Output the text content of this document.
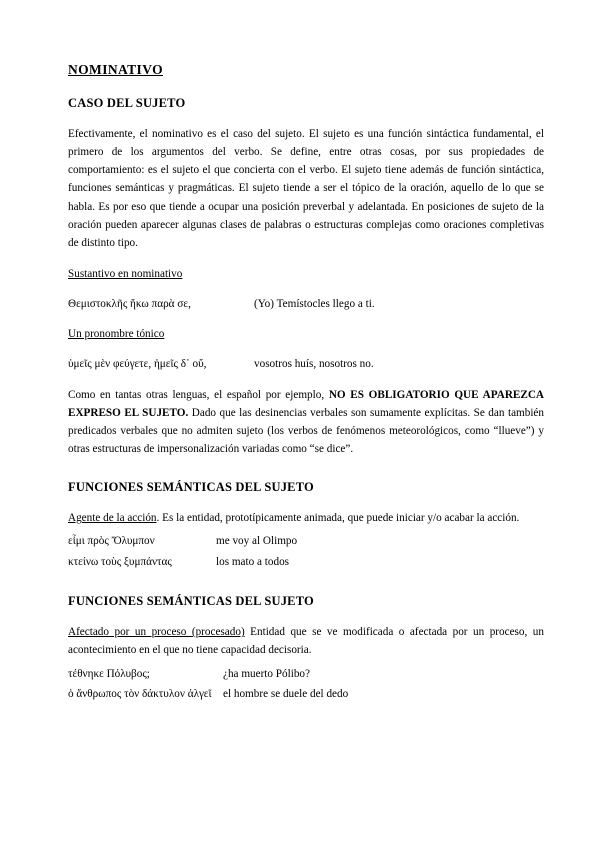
NOMINATIVO
CASO DEL SUJETO

Efectivamente, el nominativo es el caso del sujeto. El sujeto es una función sintáctica fundamental, el primero de los argumentos del verbo. Se define, entre otras cosas, por sus propiedades de comportamiento: es el sujeto el que concierta con el verbo. El sujeto tiene además de función sintáctica, funciones semánticas y pragmáticas. El sujeto tiende a ser el tópico de la oración, aquello de lo que se habla. Es por eso que tiende a ocupar una posición preverbal y adelantada. En posiciones de sujeto de la oración pueden aparecer algunas clases de palabras o estructuras complejas como oraciones completivas de distinto tipo.

Sustantivo en nominativo
Θεμιστοκλῆς ἥκω παρὰ σε,	(Yo) Temístocles llego a ti.
Un pronombre tónico
ὑμεῖς μὲν φεύγετε, ἡμεῖς δ᾽ οὔ,	vosotros huís, nosotros no.

Como en tantas otras lenguas, el español por ejemplo, NO ES OBLIGATORIO QUE APAREZCA EXPRESO EL SUJETO. Dado que las desinencias verbales son sumamente explícitas. Se dan también predicados verbales que no admiten sujeto (los verbos de fenómenos meteorológicos, como “llueve”) y otras estructuras de impersonalización variadas como “se dice”.

FUNCIONES SEMÁNTICAS DEL SUJETO

Agente de la acción. Es la entidad, prototípicamente animada, que puede iniciar y/o acabar la acción.

εἶμι πρὸς Ὄλυμπον	me voy al Olimpo
κτείνω τοὺς ξυμπάντας	los mato a todos
FUNCIONES SEMÁNTICAS DEL SUJETO

Afectado por un proceso (procesado) Entidad que se ve modificada o afectada por un proceso, un acontecimiento en el que no tiene capacidad decisoria.

τέθνηκε Πόλυβος;	¿ha muerto Pólibo?
ὁ ἄνθρωπος τὸν δάκτυλον ἀλγεῖ	el hombre se duele del dedo
